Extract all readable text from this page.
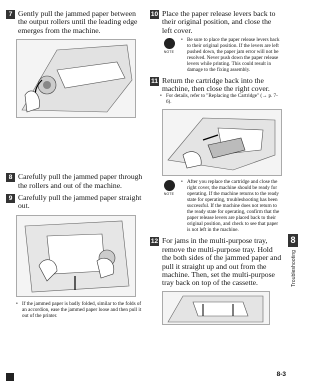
7 Gently pull the jammed paper between the output rollers until the leading edge emerges from the machine.
8 Carefully pull the jammed paper through the rollers and out of the machine.
9 Carefully pull the jammed paper straight out.
• If the jammed paper is badly folded, similar to the folds of an accordion, ease the jammed paper loose and then pull it out of the printer.
10 Place the paper release levers back to their original position, and close the left cover.
NOTE
• Be sure to place the paper release levers back to their original position. If the levers are left pushed down, the paper jam error will not be resolved. Never push down the paper release levers while printing. This could result in damage to the fixing assembly.
11 Return the cartridge back into the machine, then close the right cover.
• For details, refer to "Replacing the Cartridge" (→ p. 7-6).
NOTE
• After you replace the cartridge and close the right cover, the machine should be ready for operating. If the machine returns to the ready state for operating, troubleshooting has been successful. If the machine does not return to the ready state for operating, confirm that the paper release levers are placed back to their original position, and check to see that paper is not left in the machine.
12 For jams in the multi-purpose tray, remove the multi-purpose tray. Hold the both sides of the jammed paper and pull it straight up and out from the machine. Then, set the multi-purpose tray back on top of the cassette.
8
Troubleshooting
8-3
